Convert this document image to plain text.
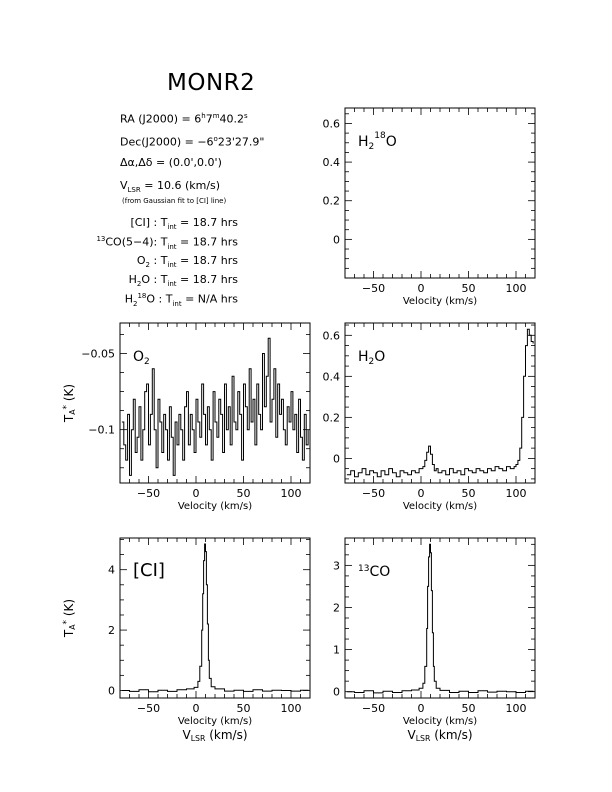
MONR2
RA $(J2000) = 6^h7^m40.2^s$
$Dec(J2000) = -6^o23'27.9$"
Δα,Δδ = (0.0',0.0')
$V_{LSR} = 10.6$ (km/s)
(from Gaussian fit to [CI] line)
[CI] : $T_{int} = 18.7$ hrs
$^{13}$CO(5−4): $T_{int} = 18.7$ hrs
$O_2$ : $T_{int} = 18.7$ hrs
$H_2O$ : $T_{int} = 18.7$ hrs
$H_2^{18}O$ : $T_{int} = N/A$ hrs
−50	0	50	100
0
0.2
0.4
0.6
Velocity (km/s)
H218O
−50	0	50	100
−0.1
−0.05
Velocity (km/s)
TA* (K)
O2
−50	0	50	100
0
0.2
0.4
0.6
Velocity (km/s)
H2O
−50	0	50	100
0
2
4
Velocity (km/s)
VLSR (km/s)
TA* (K)
[CI]
−50	0	50	100
0
1
2
3
Velocity (km/s)
VLSR (km/s)
13CO
